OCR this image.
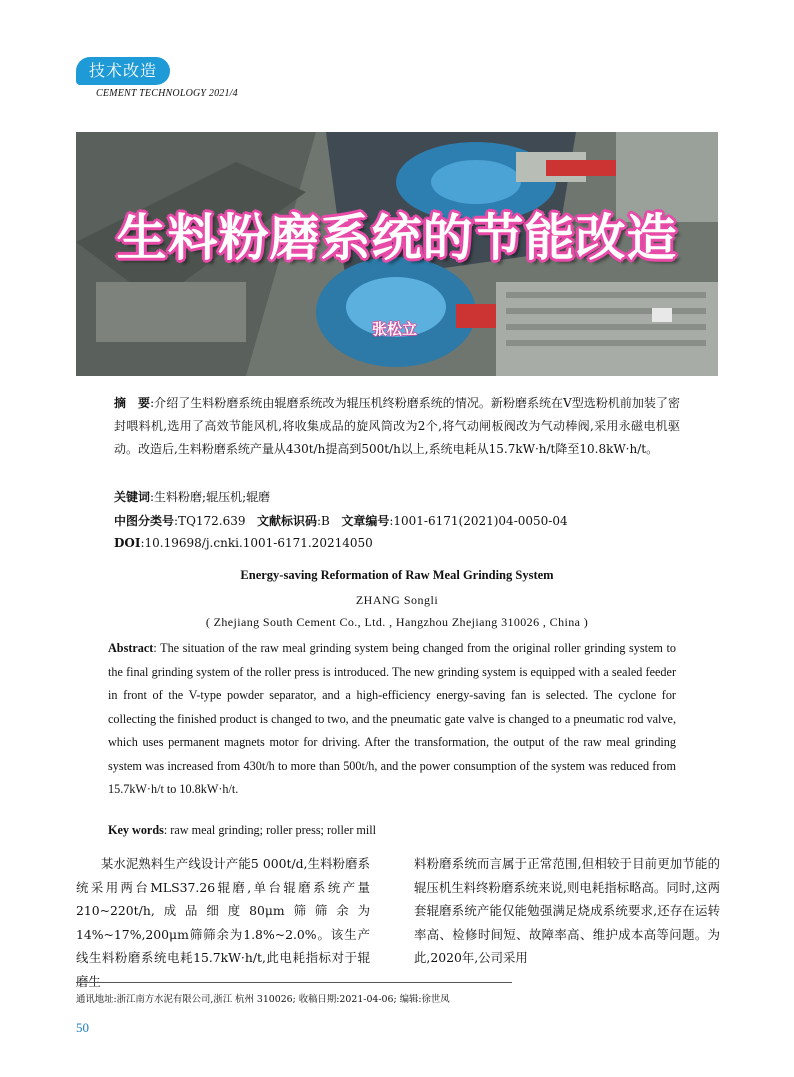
技术改造
CEMENT TECHNOLOGY 2021/4
生料粉磨系统的节能改造
张松立
摘　要:介绍了生料粉磨系统由辊磨系统改为辊压机终粉磨系统的情况。新粉磨系统在V型选粉机前加装了密封喂料机,选用了高效节能风机,将收集成品的旋风筒改为2个,将气动闸板阀改为气动棒阀,采用永磁电机驱动。改造后,生料粉磨系统产量从430t/h提高到500t/h以上,系统电耗从15.7kW·h/t降至10.8kW·h/t。
关键词:生料粉磨;辊压机;辊磨
中图分类号:TQ172.639 文献标识码:B 文章编号:1001-6171(2021)04-0050-04
DOI:10.19698/j.cnki.1001-6171.20214050
Energy-saving Reformation of Raw Meal Grinding System
ZHANG Songli
( Zhejiang South Cement Co., Ltd. , Hangzhou Zhejiang 310026 , China )
Abstract: The situation of the raw meal grinding system being changed from the original roller grinding system to the final grinding system of the roller press is introduced. The new grinding system is equipped with a sealed feeder in front of the V-type powder separator, and a high-efficiency energy-saving fan is selected. The cyclone for collecting the finished product is changed to two, and the pneumatic gate valve is changed to a pneumatic rod valve, which uses permanent magnets motor for driving. After the transformation, the output of the raw meal grinding system was increased from 430t/h to more than 500t/h, and the power consumption of the system was reduced from 15.7kW·h/t to 10.8kW·h/t.
Key words: raw meal grinding; roller press; roller mill
  某水泥熟料生产线设计产能5 000t/d,生料粉磨系统采用两台MLS37.26辊磨,单台辊磨系统产量210~220t/h,成品细度80μm筛筛余为14%~17%,200μm筛筛余为1.8%~2.0%。该生产线生料粉磨系统电耗15.7kW·h/t,此电耗指标对于辊磨生
料粉磨系统而言属于正常范围,但相较于目前更加节能的辊压机生料终粉磨系统来说,则电耗指标略高。同时,这两套辊磨系统产能仅能勉强满足烧成系统要求,还存在运转率高、检修时间短、故障率高、维护成本高等问题。为此,2020年,公司采用
通讯地址:浙江南方水泥有限公司,浙江 杭州 310026; 收稿日期:2021-04-06; 编辑:徐世凤
50
